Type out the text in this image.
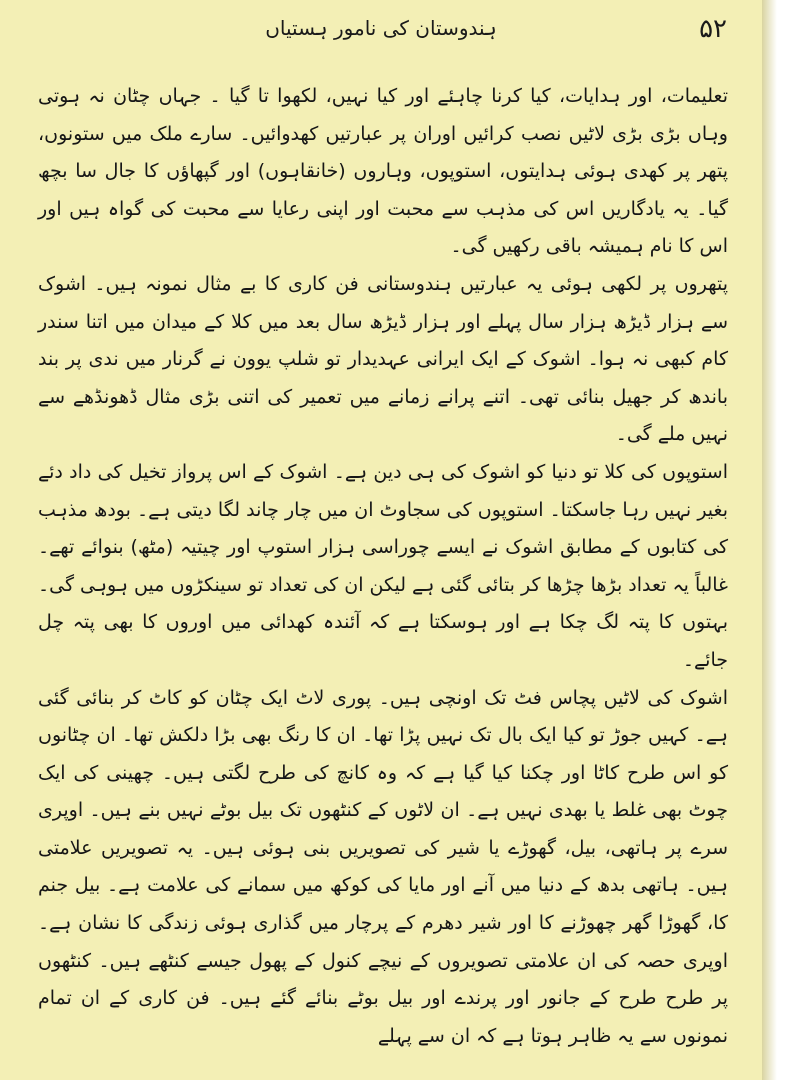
۵۲
ہندوستان کی نامور ہستیاں

تعلیمات، اور ہدایات، کیا کرنا چاہئے اور کیا نہیں، لکھوا تا گیا ۔ جہاں چٹان نہ ہوتی وہاں بڑی بڑی لاٹیں نصب کرائیں اوران پر عبارتیں کھدوائیں۔ سارے ملک میں ستونوں، پتھر پر کھدی ہوئی ہدایتوں، استوپوں، وہاروں (خانقاہوں) اور گپھاؤں کا جال سا بچھ گیا۔ یہ یادگاریں اس کی مذہب سے محبت اور اپنی رعایا سے محبت کی گواہ ہیں اور اس کا نام ہمیشہ باقی رکھیں گی۔

پتھروں پر لکھی ہوئی یہ عبارتیں ہندوستانی فن کاری کا بے مثال نمونہ ہیں۔ اشوک سے ہزار ڈیڑھ ہزار سال پہلے اور ہزار ڈیڑھ سال بعد میں کلا کے میدان میں اتنا سندر کام کبھی نہ ہوا۔ اشوک کے ایک ایرانی عہدیدار تو شلپ یوون نے گرنار میں ندی پر بند باندھ کر جھیل بنائی تھی۔ اتنے پرانے زمانے میں تعمیر کی اتنی بڑی مثال ڈھونڈھے سے نہیں ملے گی۔

استوپوں کی کلا تو دنیا کو اشوک کی ہی دین ہے۔ اشوک کے اس پرواز تخیل کی داد دئے بغیر نہیں رہا جاسکتا۔ استوپوں کی سجاوٹ ان میں چار چاند لگا دیتی ہے۔ بودھ مذہب کی کتابوں کے مطابق اشوک نے ایسے چوراسی ہزار استوپ اور چیتیہ (مٹھ) بنوائے تھے۔ غالباً یہ تعداد بڑھا چڑھا کر بتائی گئی ہے لیکن ان کی تعداد تو سینکڑوں میں ہوہی گی۔ بہتوں کا پتہ لگ چکا ہے اور ہوسکتا ہے کہ آئندہ کھدائی میں اوروں کا بھی پتہ چل جائے۔

اشوک کی لاٹیں پچاس فٹ تک اونچی ہیں۔ پوری لاٹ ایک چٹان کو کاٹ کر بنائی گئی ہے۔ کہیں جوڑ تو کیا ایک بال تک نہیں پڑا تھا۔ ان کا رنگ بھی بڑا دلکش تھا۔ ان چٹانوں کو اس طرح کاٹا اور چکنا کیا گیا ہے کہ وہ کانچ کی طرح لگتی ہیں۔ چھینی کی ایک چوٹ بھی غلط یا بھدی نہیں ہے۔ ان لاٹوں کے کنٹھوں تک بیل بوٹے نہیں بنے ہیں۔ اوپری سرے پر ہاتھی، بیل، گھوڑے یا شیر کی تصویریں بنی ہوئی ہیں۔ یہ تصویریں علامتی ہیں۔ ہاتھی بدھ کے دنیا میں آنے اور مایا کی کوکھ میں سمانے کی علامت ہے۔ بیل جنم کا، گھوڑا گھر چھوڑنے کا اور شیر دھرم کے پرچار میں گذاری ہوئی زندگی کا نشان ہے۔ اوپری حصہ کی ان علامتی تصویروں کے نیچے کنول کے پھول جیسے کنٹھے ہیں۔ کنٹھوں پر طرح طرح کے جانور اور پرندے اور بیل بوٹے بنائے گئے ہیں۔ فن کاری کے ان تمام نمونوں سے یہ ظاہر ہوتا ہے کہ ان سے پہلے
